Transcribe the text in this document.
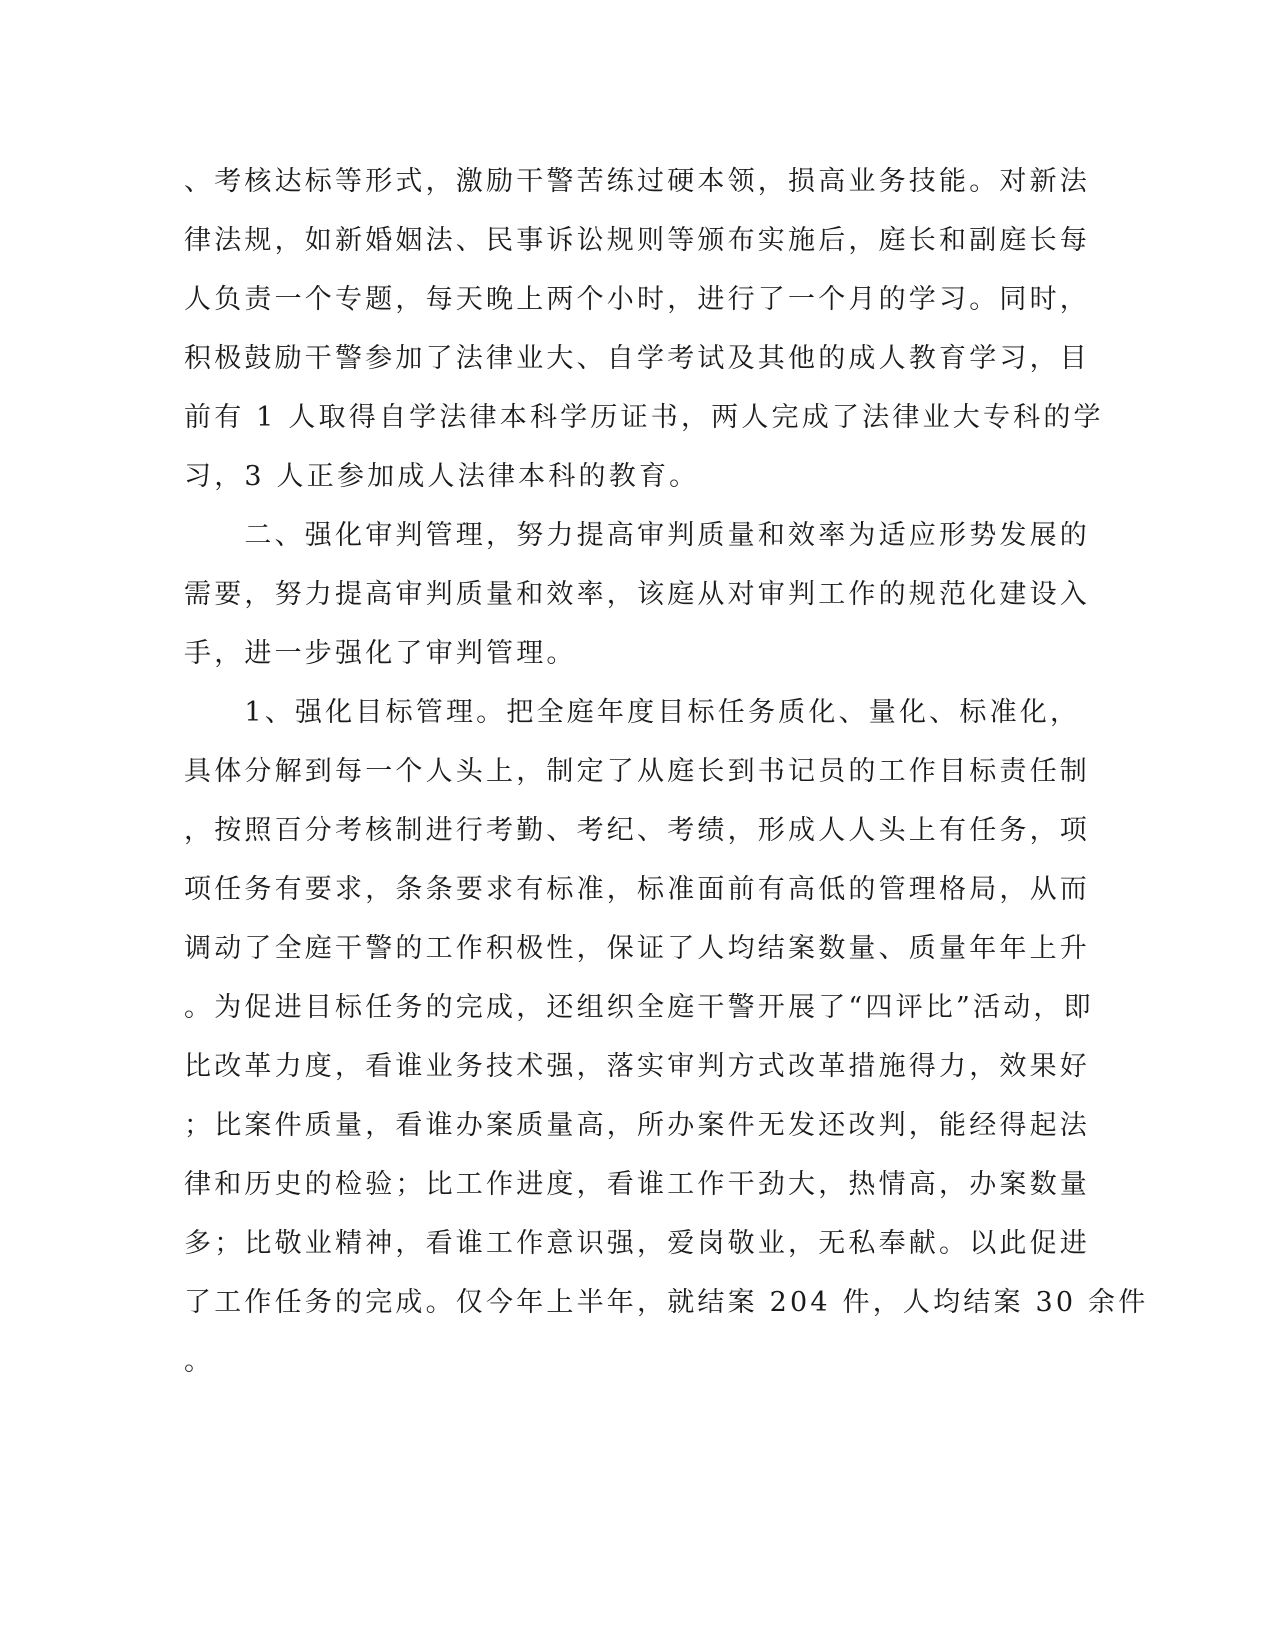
、考核达标等形式，激励干警苦练过硬本领，损高业务技能。对新法
律法规，如新婚姻法、民事诉讼规则等颁布实施后，庭长和副庭长每
人负责一个专题，每天晚上两个小时，进行了一个月的学习。同时，
积极鼓励干警参加了法律业大、自学考试及其他的成人教育学习，目
前有 1 人取得自学法律本科学历证书，两人完成了法律业大专科的学
习，3 人正参加成人法律本科的教育。
　　二、强化审判管理，努力提高审判质量和效率为适应形势发展的
需要，努力提高审判质量和效率，该庭从对审判工作的规范化建设入
手，进一步强化了审判管理。
　　1、强化目标管理。把全庭年度目标任务质化、量化、标准化，
具体分解到每一个人头上，制定了从庭长到书记员的工作目标责任制
，按照百分考核制进行考勤、考纪、考绩，形成人人头上有任务，项
项任务有要求，条条要求有标准，标准面前有高低的管理格局，从而
调动了全庭干警的工作积极性，保证了人均结案数量、质量年年上升
。为促进目标任务的完成，还组织全庭干警开展了“四评比”活动，即
比改革力度，看谁业务技术强，落实审判方式改革措施得力，效果好
；比案件质量，看谁办案质量高，所办案件无发还改判，能经得起法
律和历史的检验；比工作进度，看谁工作干劲大，热情高，办案数量
多；比敬业精神，看谁工作意识强，爱岗敬业，无私奉献。以此促进
了工作任务的完成。仅今年上半年，就结案 204 件，人均结案 30 余件
。
